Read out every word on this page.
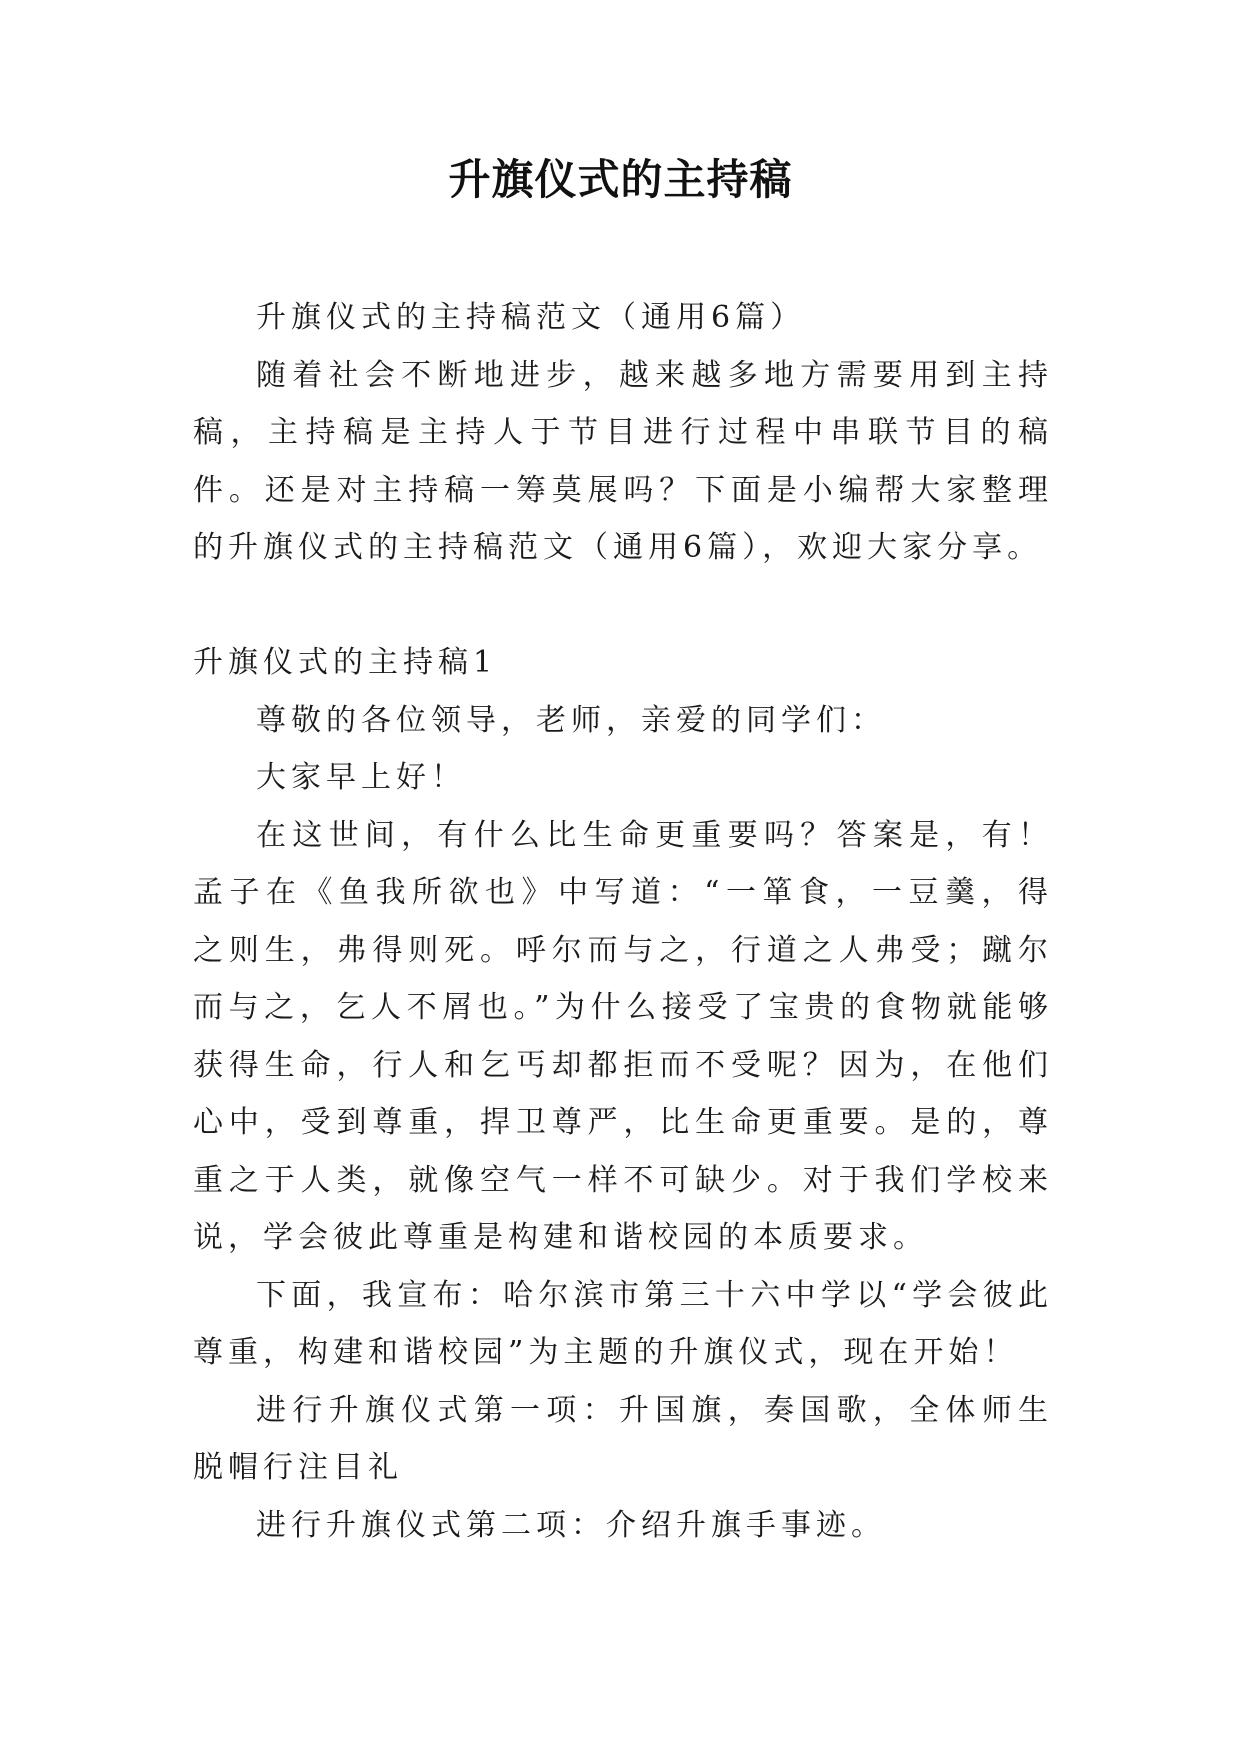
升旗仪式的主持稿

升旗仪式的主持稿范文（通用6篇）

随着社会不断地进步，越来越多地方需要用到主持稿，主持稿是主持人于节目进行过程中串联节目的稿件。还是对主持稿一筹莫展吗？下面是小编帮大家整理的升旗仪式的主持稿范文（通用6篇），欢迎大家分享。

升旗仪式的主持稿1

尊敬的各位领导，老师，亲爱的同学们：

大家早上好！

在这世间，有什么比生命更重要吗？答案是，有！孟子在《鱼我所欲也》中写道：“一箪食，一豆羹，得之则生，弗得则死。呼尔而与之，行道之人弗受；蹴尔而与之，乞人不屑也。”为什么接受了宝贵的食物就能够获得生命，行人和乞丐却都拒而不受呢？因为，在他们心中，受到尊重，捍卫尊严，比生命更重要。是的，尊重之于人类，就像空气一样不可缺少。对于我们学校来说，学会彼此尊重是构建和谐校园的本质要求。

下面，我宣布：哈尔滨市第三十六中学以“学会彼此尊重，构建和谐校园”为主题的升旗仪式，现在开始！

进行升旗仪式第一项：升国旗，奏国歌，全体师生脱帽行注目礼

进行升旗仪式第二项：介绍升旗手事迹。
